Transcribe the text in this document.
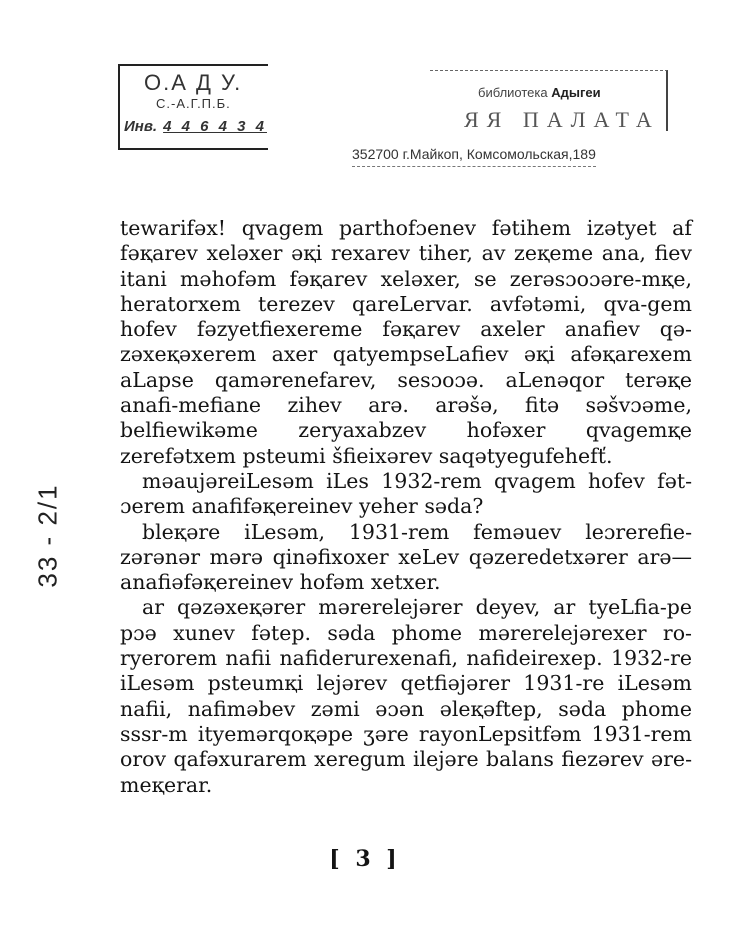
О.А Д У.
С.-А.Г.П.Б.
Инв. 4 4 6 4 3 4
библиотека Адыгеи
ЯЯ ПАЛАТА
352700 г.Майкоп, Комсомольская,189

tewarifəx! qvagem parthofɔenev fətihem izətyet af fəқarev xeləxer əқi rexarev tiher, av zeқeme ana, fiev itani məhofəm fəқarev xeləxer, se zerəsɔoɔəre-mқe, heratorxem terezev qareLervar. avfətəmi, qva-gem hofev fəzyetfiexereme fəқarev axeler anafiev qə-zəxeқəxerem axer qatyempseLafiev əқi afəқarexem aLapse qamərenefarev, sesɔoɔə. aLenəqor terəқe anafi-mefiane zihev arə. arəšə, fitə səšvɔəme, belfiewikəme zeryaxabzev hofəxer qvagemқe zerefətxem psteumi šfieixərev saqətyegufehefť.

məaujəreiLesəm iLes 1932-rem qvagem hofev fət-ɔerem anafifəқereinev yeher səda?

bleқəre iLesəm, 1931-rem feməuev leɔrerefie-zərənər mərə qinəfixoxer xeLev qəzeredetxərer arə—anafiəfəқereinev hofəm xetxer.

ar qəzəxeқərer mərerelejərer deyev, ar tyeLfia-pe pɔə xunev fətep. səda phome mərerelejərexer ro-ryerorem nafii nafiderurexenafi, nafideirexep. 1932-re iLesəm psteumқi lejərev qetfiəjərer 1931-re iLesəm nafii, nafiməbev zəmi əɔən əleқəftep, səda phome sssr-m ityemərqoқəpe ʒəre rayonLepsitfəm 1931-rem orov qafəxurarem xeregum ilejəre balans fiezərev əre-meқerar.

33 - 2/1
[ 3 ]
